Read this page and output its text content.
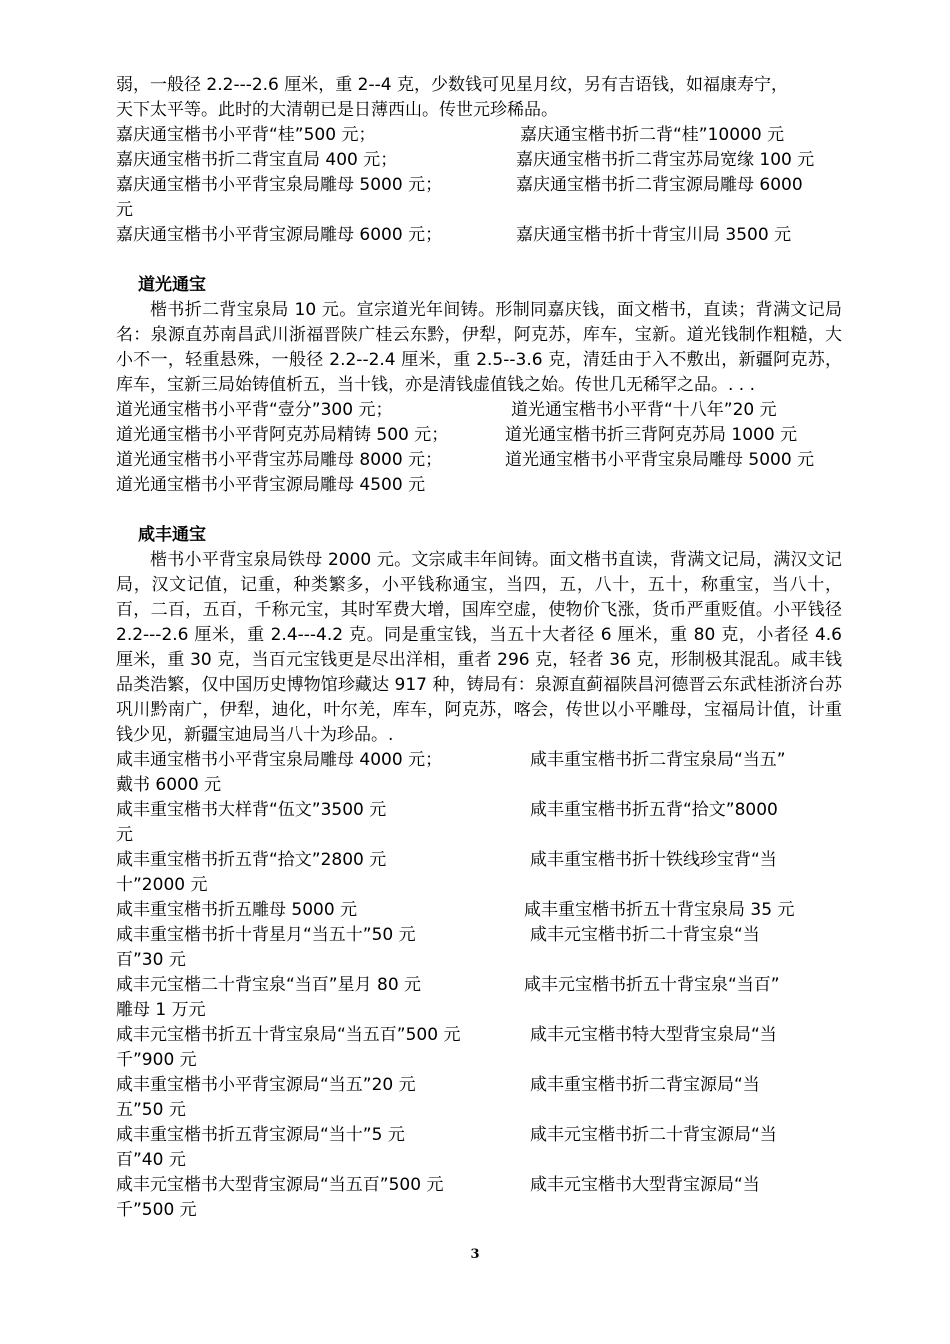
弱，一般径 2.2---2.6 厘米，重 2--4 克，少数钱可见星月纹，另有吉语钱，如福康寿宁，
天下太平等。此时的大清朝已是日薄西山。传世元珍稀品。
嘉庆通宝楷书小平背“桂”500 元；	嘉庆通宝楷书折二背“桂”10000 元
嘉庆通宝楷书折二背宝直局 400 元；	嘉庆通宝楷书折二背宝苏局宽缘 100 元
嘉庆通宝楷书小平背宝泉局雕母 5000 元；	嘉庆通宝楷书折二背宝源局雕母 6000
元
嘉庆通宝楷书小平背宝源局雕母 6000 元；	嘉庆通宝楷书折十背宝川局 3500 元
道光通宝
楷书折二背宝泉局 10 元。宣宗道光年间铸。形制同嘉庆钱，面文楷书，直读；背满文记局名：泉源直苏南昌武川浙福晋陕广桂云东黔，伊犁，阿克苏，库车，宝新。道光钱制作粗糙，大小不一，轻重悬殊，一般径 2.2--2.4 厘米，重 2.5--3.6 克，清廷由于入不敷出，新疆阿克苏，库车，宝新三局始铸值析五，当十钱，亦是清钱虚值钱之始。传世几无稀罕之品。. . .
道光通宝楷书小平背“壹分”300 元；	道光通宝楷书小平背“十八年”20 元
道光通宝楷书小平背阿克苏局精铸 500 元；	道光通宝楷书折三背阿克苏局 1000 元
道光通宝楷书小平背宝苏局雕母 8000 元；	道光通宝楷书小平背宝泉局雕母 5000 元
道光通宝楷书小平背宝源局雕母 4500 元
咸丰通宝
楷书小平背宝泉局铁母 2000 元。文宗咸丰年间铸。面文楷书直读，背满文记局，满汉文记局，汉文记值，记重，种类繁多，小平钱称通宝，当四，五，八十，五十，称重宝，当八十，百，二百，五百，千称元宝，其时军费大增，国库空虚，使物价飞涨，货币严重贬值。小平钱径 2.2---2.6 厘米，重 2.4---4.2 克。同是重宝钱，当五十大者径 6 厘米，重 80 克，小者径 4.6 厘米，重 30 克，当百元宝钱更是尽出洋相，重者 296 克，轻者 36 克，形制极其混乱。咸丰钱品类浩繁，仅中国历史博物馆珍藏达 917 种，铸局有：泉源直蓟福陕昌河德晋云东武桂浙济台苏巩川黔南广，伊犁，迪化，叶尔羌，库车，阿克苏，喀会，传世以小平雕母，宝福局计值，计重钱少见，新疆宝迪局当八十为珍品。.
咸丰通宝楷书小平背宝泉局雕母 4000 元；	咸丰重宝楷书折二背宝泉局“当五”
戴书 6000 元
咸丰重宝楷书大样背“伍文”3500 元	咸丰重宝楷书折五背“拾文”8000
元
咸丰重宝楷书折五背“拾文”2800 元	咸丰重宝楷书折十铁线珍宝背“当
十”2000 元
咸丰重宝楷书折五雕母 5000 元	咸丰重宝楷书折五十背宝泉局 35 元
咸丰重宝楷书折十背星月“当五十”50 元	咸丰元宝楷书折二十背宝泉“当
百”30 元
咸丰元宝楷二十背宝泉“当百”星月 80 元	咸丰元宝楷书折五十背宝泉“当百”
雕母 1 万元
咸丰元宝楷书折五十背宝泉局“当五百”500 元	咸丰元宝楷书特大型背宝泉局“当
千”900 元
咸丰重宝楷书小平背宝源局“当五”20 元	咸丰重宝楷书折二背宝源局“当
五”50 元
咸丰重宝楷书折五背宝源局“当十”5 元	咸丰元宝楷书折二十背宝源局“当
百”40 元
咸丰元宝楷书大型背宝源局“当五百”500 元	咸丰元宝楷书大型背宝源局“当
千”500 元
3
